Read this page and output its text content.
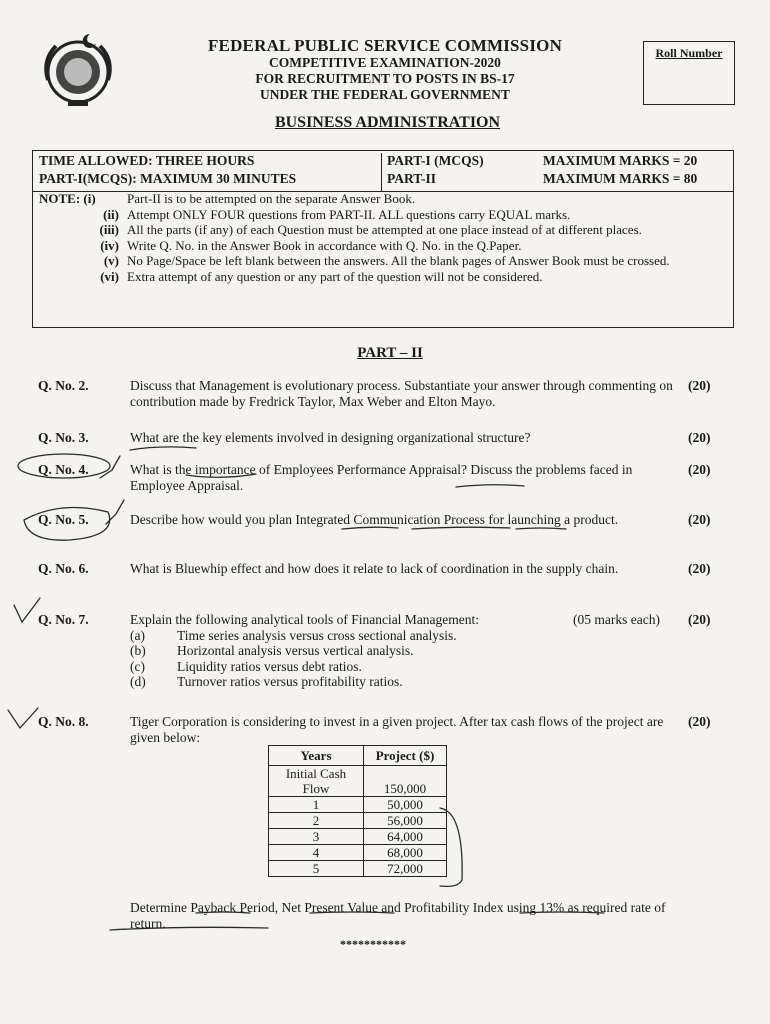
FEDERAL PUBLIC SERVICE COMMISSION
COMPETITIVE EXAMINATION-2020
FOR RECRUITMENT TO POSTS IN BS-17
UNDER THE FEDERAL GOVERNMENT
BUSINESS ADMINISTRATION
Roll Number
TIME ALLOWED: THREE HOURS	PART-I (MCQS)	MAXIMUM MARKS = 20
PART-I(MCQS): MAXIMUM 30 MINUTES	PART-II	MAXIMUM MARKS = 80
NOTE: (i)	Part-II is to be attempted on the separate Answer Book.
(ii) Attempt ONLY FOUR questions from PART-II. ALL questions carry EQUAL marks.
(iii) All the parts (if any) of each Question must be attempted at one place instead of at different places.
(iv) Write Q. No. in the Answer Book in accordance with Q. No. in the Q.Paper.
(v) No Page/Space be left blank between the answers. All the blank pages of Answer Book must be crossed.
(vi) Extra attempt of any question or any part of the question will not be considered.
PART – II
Q. No. 2.	Discuss that Management is evolutionary process. Substantiate your answer through commenting on contribution made by Fredrick Taylor, Max Weber and Elton Mayo.
(20)
Q. No. 3.	What are the key elements involved in designing organizational structure?	(20)
Q. No. 4.	What is the importance of Employees Performance Appraisal? Discuss the problems faced in Employee Appraisal.
(20)
Q. No. 5.	Describe how would you plan Integrated Communication Process for launching a product.	(20)
Q. No. 6.	What is Bluewhip effect and how does it relate to lack of coordination in the supply chain.	(20)
Q. No. 7.	Explain the following analytical tools of Financial Management:	(05 marks each)
(a)	Time series analysis versus cross sectional analysis.
(b)	Horizontal analysis versus vertical analysis.
(c)	Liquidity ratios versus debt ratios.
(d)	Turnover ratios versus profitability ratios.
(20)
Q. No. 8.	Tiger Corporation is considering to invest in a given project. After tax cash flows of the project are given below:
(20)
Years	Project ($)
Initial Cash Flow	150,000
1	50,000
2	56,000
3	64,000
4	68,000
5	72,000
Determine Payback Period, Net Present Value and Profitability Index using 13% as required rate of return.
***********
